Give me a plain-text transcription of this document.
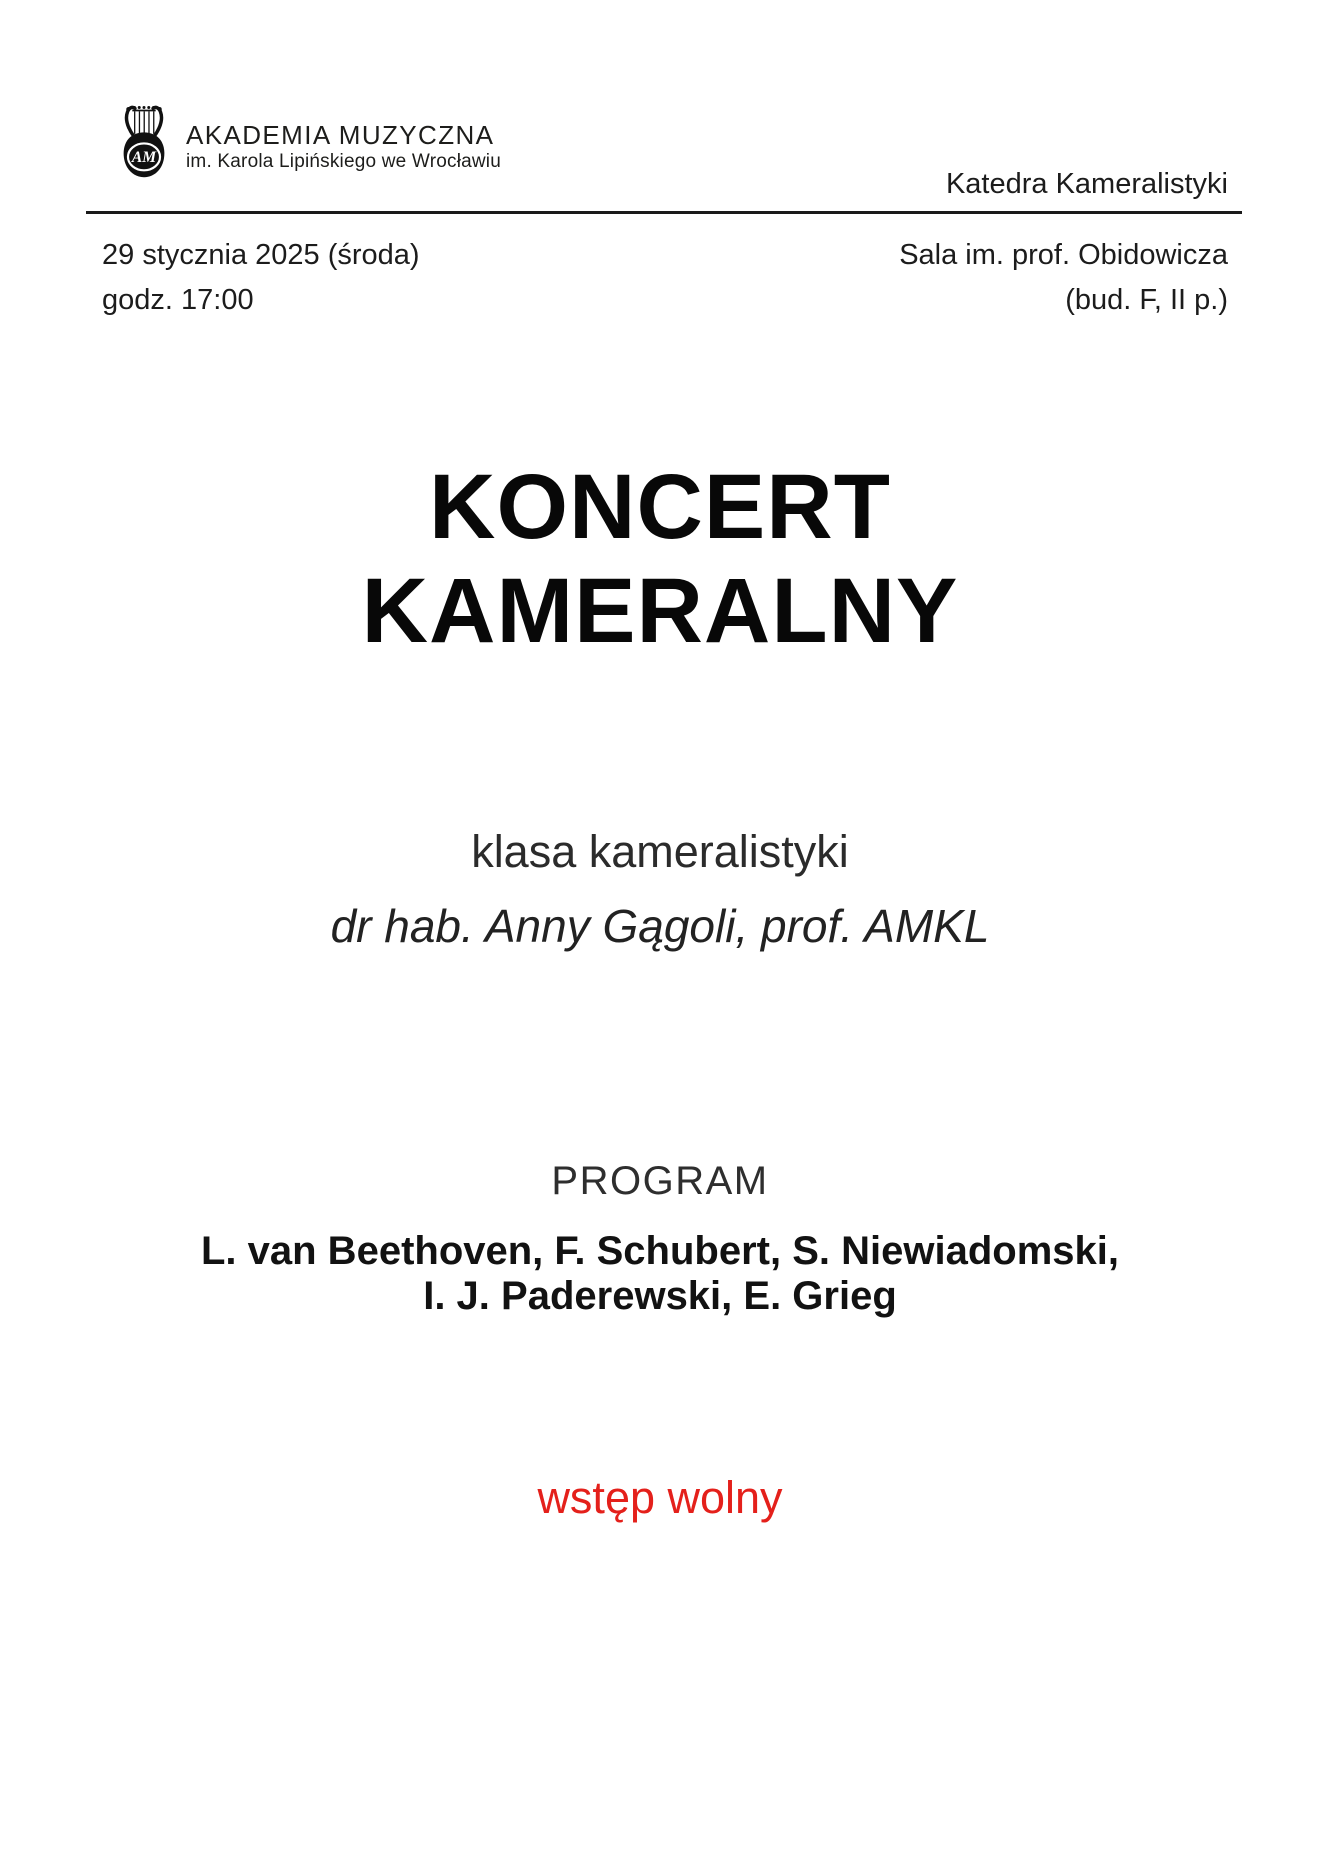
AM
AKADEMIA MUZYCZNA
im. Karola Lipińskiego we Wrocławiu
Katedra Kameralistyki
29 stycznia 2025 (środa)
godz. 17:00
Sala im. prof. Obidowicza
(bud. F, II p.)
KONCERT
KAMERALNY
klasa kameralistyki
dr hab. Anny Gągoli, prof. AMKL
PROGRAM
L. van Beethoven, F. Schubert, S. Niewiadomski,
I. J. Paderewski, E. Grieg
wstęp wolny
